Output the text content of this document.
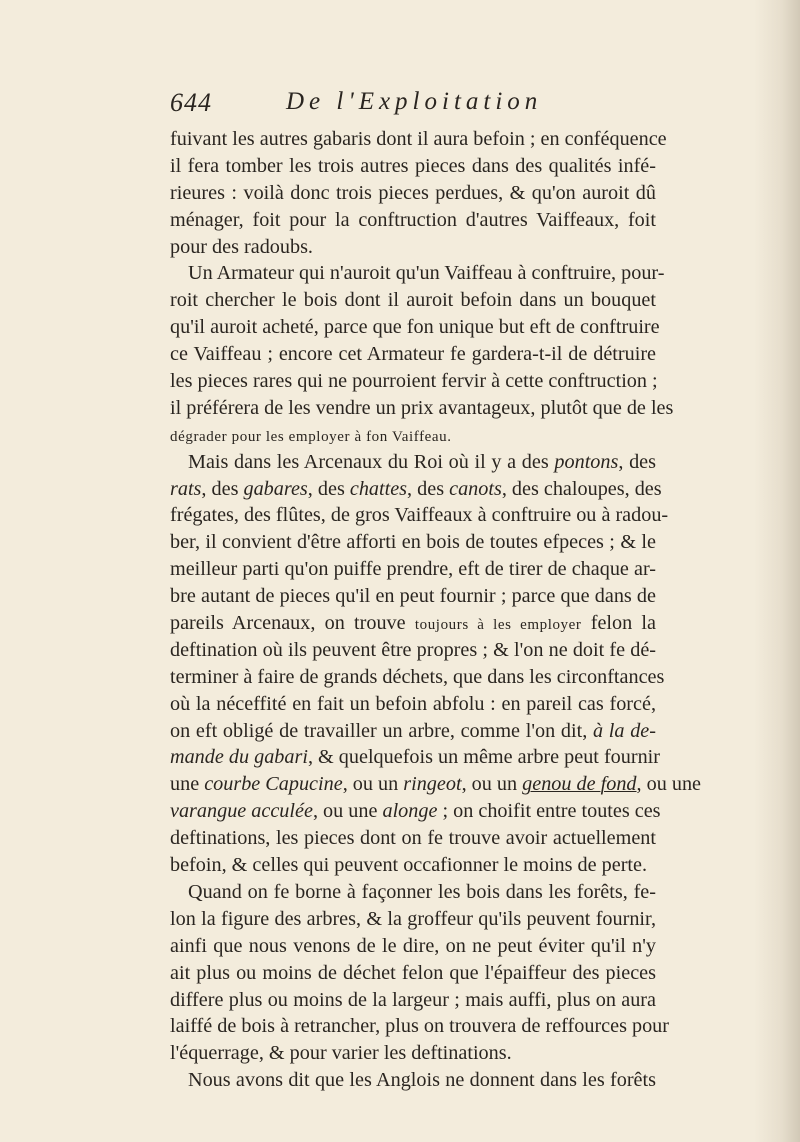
644	De l'Exploitation
fuivant les autres gabaris dont il aura befoin ; en conféquence
il fera tomber les trois autres pieces dans des qualités infé-
rieures : voilà donc trois pieces perdues, & qu'on auroit dû
ménager, foit pour la conftruction d'autres Vaiffeaux, foit
pour des radoubs.
Un Armateur qui n'auroit qu'un Vaiffeau à conftruire, pour-
roit chercher le bois dont il auroit befoin dans un bouquet
qu'il auroit acheté, parce que fon unique but eft de conftruire
ce Vaiffeau ; encore cet Armateur fe gardera-t-il de détruire
les pieces rares qui ne pourroient fervir à cette conftruction ;
il préférera de les vendre un prix avantageux, plutôt que de les
dégrader pour les employer à fon Vaiffeau.
Mais dans les Arcenaux du Roi où il y a des pontons, des
rats, des gabares, des chattes, des canots, des chaloupes, des
frégates, des flûtes, de gros Vaiffeaux à conftruire ou à radou-
ber, il convient d'être afforti en bois de toutes efpeces ; & le
meilleur parti qu'on puiffe prendre, eft de tirer de chaque ar-
bre autant de pieces qu'il en peut fournir ; parce que dans de
pareils Arcenaux, on trouve toujours à les employer felon la
deftination où ils peuvent être propres ; & l'on ne doit fe dé-
terminer à faire de grands déchets, que dans les circonftances
où la néceffité en fait un befoin abfolu : en pareil cas forcé,
on eft obligé de travailler un arbre, comme l'on dit, à la de-
mande du gabari, & quelquefois un même arbre peut fournir
une courbe Capucine, ou un ringeot, ou un genou de fond, ou une
varangue acculée, ou une alonge ; on choifit entre toutes ces
deftinations, les pieces dont on fe trouve avoir actuellement
befoin, & celles qui peuvent occafionner le moins de perte.
Quand on fe borne à façonner les bois dans les forêts, fe-
lon la figure des arbres, & la groffeur qu'ils peuvent fournir,
ainfi que nous venons de le dire, on ne peut éviter qu'il n'y
ait plus ou moins de déchet felon que l'épaiffeur des pieces
differe plus ou moins de la largeur ; mais auffi, plus on aura
laiffé de bois à retrancher, plus on trouvera de reffources pour
l'équerrage, & pour varier les deftinations.
Nous avons dit que les Anglois ne donnent dans les forêts
